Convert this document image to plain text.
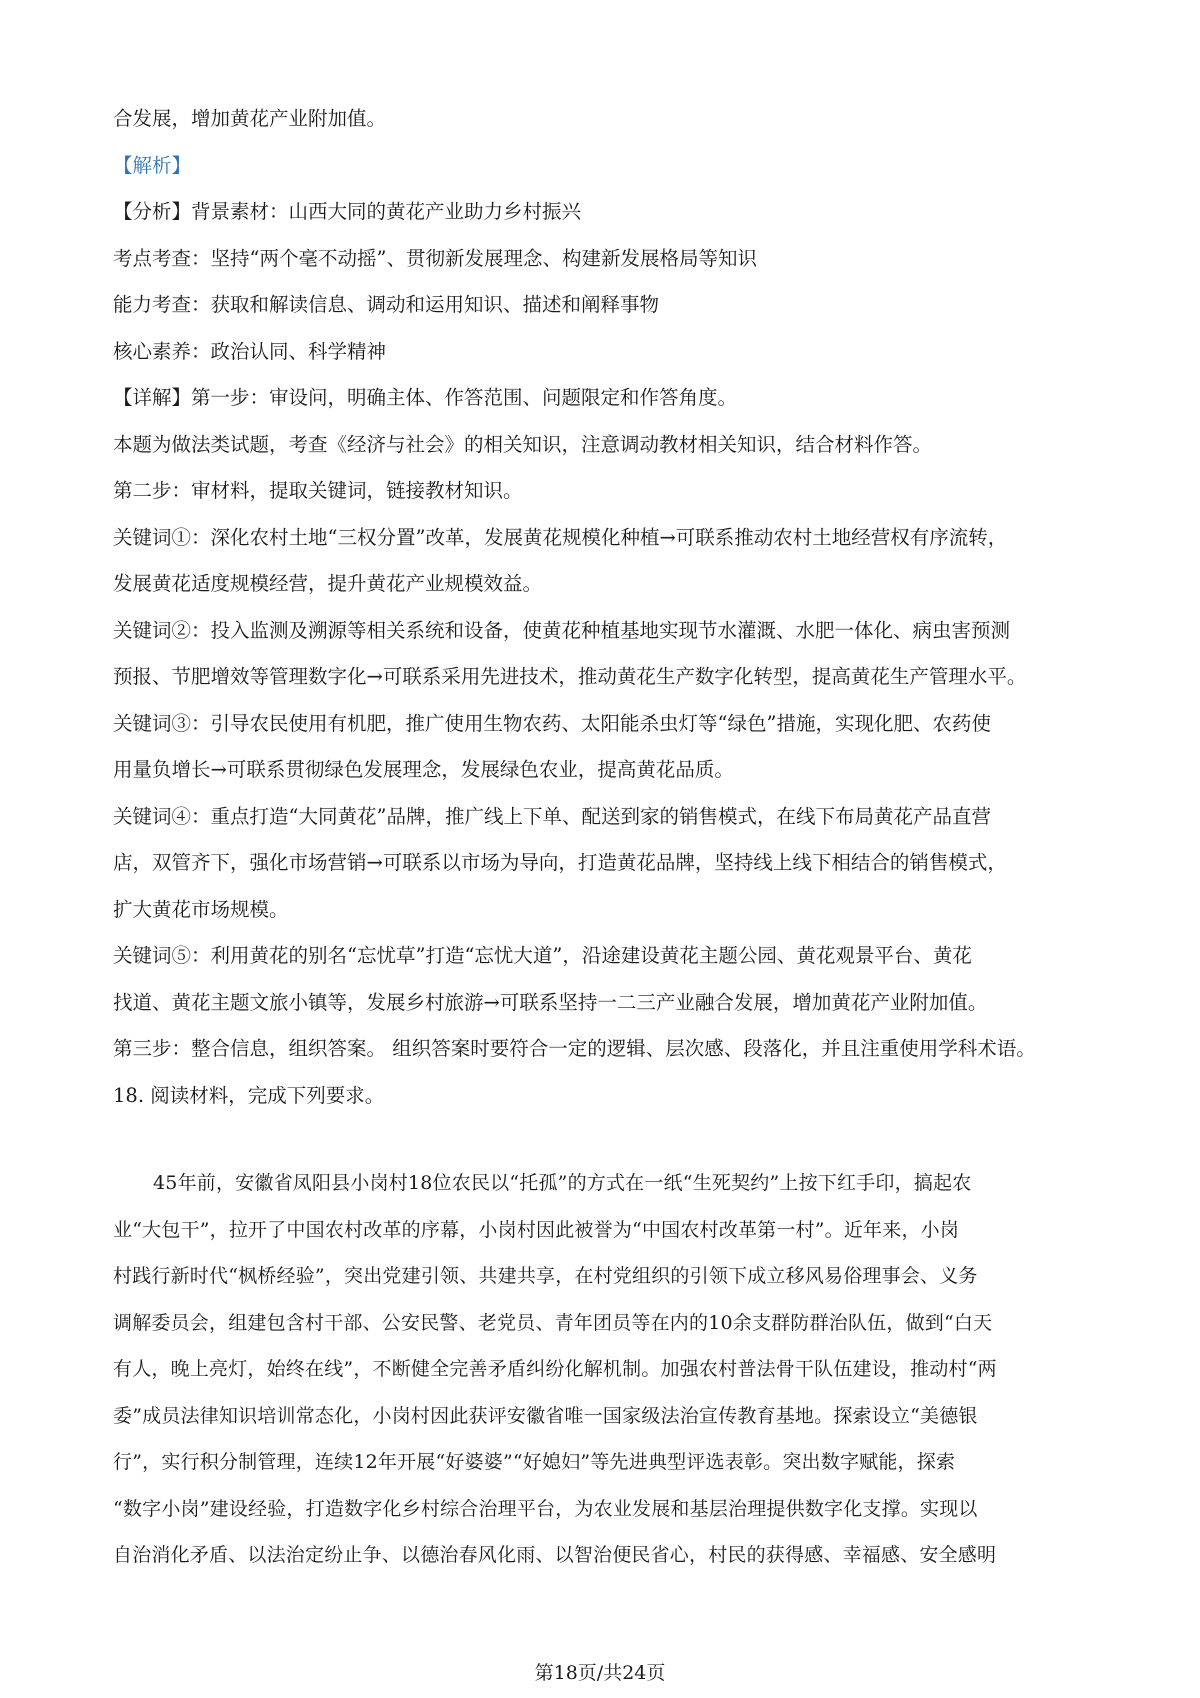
合发展，增加黄花产业附加值。
【解析】
【分析】背景素材：山西大同的黄花产业助力乡村振兴
考点考查：坚持“两个毫不动摇”、贯彻新发展理念、构建新发展格局等知识
能力考查：获取和解读信息、调动和运用知识、描述和阐释事物
核心素养：政治认同、科学精神
【详解】第一步：审设问，明确主体、作答范围、问题限定和作答角度。
本题为做法类试题，考查《经济与社会》的相关知识，注意调动教材相关知识，结合材料作答。
第二步：审材料，提取关键词，链接教材知识。
关键词①：深化农村土地“三权分置”改革，发展黄花规模化种植→可联系推动农村土地经营权有序流转，
发展黄花适度规模经营，提升黄花产业规模效益。
关键词②：投入监测及溯源等相关系统和设备，使黄花种植基地实现节水灌溉、水肥一体化、病虫害预测
预报、节肥增效等管理数字化→可联系采用先进技术，推动黄花生产数字化转型，提高黄花生产管理水平。
关键词③：引导农民使用有机肥，推广使用生物农药、太阳能杀虫灯等“绿色”措施，实现化肥、农药使
用量负增长→可联系贯彻绿色发展理念，发展绿色农业，提高黄花品质。
关键词④：重点打造“大同黄花”品牌，推广线上下单、配送到家的销售模式，在线下布局黄花产品直营
店，双管齐下，强化市场营销→可联系以市场为导向，打造黄花品牌，坚持线上线下相结合的销售模式，
扩大黄花市场规模。
关键词⑤：利用黄花的别名“忘忧草”打造“忘忧大道”，沿途建设黄花主题公园、黄花观景平台、黄花
找道、黄花主题文旅小镇等，发展乡村旅游→可联系坚持一二三产业融合发展，增加黄花产业附加值。
第三步：整合信息，组织答案。 组织答案时要符合一定的逻辑、层次感、段落化，并且注重使用学科术语。
18. 阅读材料，完成下列要求。
45年前，安徽省凤阳县小岗村18位农民以“托孤”的方式在一纸“生死契约”上按下红手印，搞起农
业“大包干”，拉开了中国农村改革的序幕，小岗村因此被誉为“中国农村改革第一村”。近年来，小岗
村践行新时代“枫桥经验”，突出党建引领、共建共享，在村党组织的引领下成立移风易俗理事会、义务
调解委员会，组建包含村干部、公安民警、老党员、青年团员等在内的10余支群防群治队伍，做到“白天
有人，晚上亮灯，始终在线”，不断健全完善矛盾纠纷化解机制。加强农村普法骨干队伍建设，推动村“两
委”成员法律知识培训常态化，小岗村因此获评安徽省唯一国家级法治宣传教育基地。探索设立“美德银
行”，实行积分制管理，连续12年开展“好婆婆”“好媳妇”等先进典型评选表彰。突出数字赋能，探索
“数字小岗”建设经验，打造数字化乡村综合治理平台，为农业发展和基层治理提供数字化支撑。实现以
自治消化矛盾、以法治定纷止争、以德治春风化雨、以智治便民省心，村民的获得感、幸福感、安全感明
第18页/共24页
